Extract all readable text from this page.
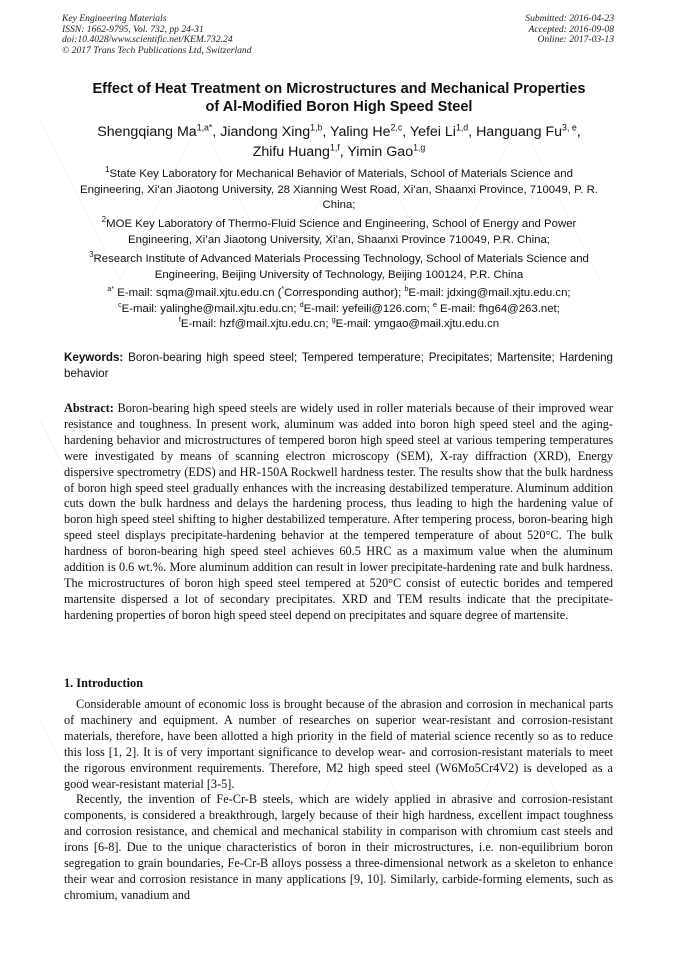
Key Engineering Materials
ISSN: 1662-9795, Vol. 732, pp 24-31
doi:10.4028/www.scientific.net/KEM.732.24
© 2017 Trans Tech Publications Ltd, Switzerland
Submitted: 2016-04-23
Accepted: 2016-09-08
Online: 2017-03-13
Effect of Heat Treatment on Microstructures and Mechanical Properties
of Al-Modified Boron High Speed Steel
Shengqiang $Ma^{1,a*}$, Jiandong Xing$^{1,b}$, Yaling He$^{2,c}$, Yefei Li$^{1,d}$, Hanguang Fu$^{3, e}$,
Zhifu Huang$^{1,f}$, Yimin Gao$^{1,g}$
$^1$State Key Laboratory for Mechanical Behavior of Materials, School of Materials Science and Engineering, Xi’an Jiaotong University, 28 Xianning West Road, Xi’an, Shaanxi Province, 710049, P. R. China;
$^2$MOE Key Laboratory of Thermo-Fluid Science and Engineering, School of Energy and Power Engineering, Xi’an Jiaotong University, Xi’an, Shaanxi Province 710049, P.R. China;
$^3$Research Institute of Advanced Materials Processing Technology, School of Materials Science and Engineering, Beijing University of Technology, Beijing 100124, P.R. China
$^{a*}$ E-mail: sqma@mail.xjtu.edu.cn (*Corresponding author); $^b$E-mail: jdxing@mail.xjtu.edu.cn;
$^c$E-mail: yalinghe@mail.xjtu.edu.cn; $^d$E-mail: yefeili@126.com; $^e$ E-mail: fhg64@263.net;
$^f$E-mail: hzf@mail.xjtu.edu.cn; $^g$E-mail: ymgao@mail.xjtu.edu.cn
Keywords: Boron-bearing high speed steel; Tempered temperature; Precipitates; Martensite; Hardening behavior
Abstract: Boron-bearing high speed steels are widely used in roller materials because of their improved wear resistance and toughness. In present work, aluminum was added into boron high speed steel and the aging-hardening behavior and microstructures of tempered boron high speed steel at various tempering temperatures were investigated by means of scanning electron microscopy (SEM), X-ray diffraction (XRD), Energy dispersive spectrometry (EDS) and HR-150A Rockwell hardness tester. The results show that the bulk hardness of boron high speed steel gradually enhances with the increasing destabilized temperature. Aluminum addition cuts down the bulk hardness and delays the hardening process, thus leading to high the hardening value of boron high speed steel shifting to higher destabilized temperature. After tempering process, boron-bearing high speed steel displays precipitate-hardening behavior at the tempered temperature of about 520°C. The bulk hardness of boron-bearing high speed steel achieves 60.5 HRC as a maximum value when the aluminum addition is 0.6 wt.%. More aluminum addition can result in lower precipitate-hardening rate and bulk hardness. The microstructures of boron high speed steel tempered at 520°C consist of eutectic borides and tempered martensite dispersed a lot of secondary precipitates. XRD and TEM results indicate that the precipitate-hardening properties of boron high speed steel depend on precipitates and square degree of martensite.
1. Introduction

Considerable amount of economic loss is brought because of the abrasion and corrosion in mechanical parts of machinery and equipment. A number of researches on superior wear-resistant and corrosion-resistant materials, therefore, have been allotted a high priority in the field of material science recently so as to reduce this loss [1, 2]. It is of very important significance to develop wear- and corrosion-resistant materials to meet the rigorous environment requirements. Therefore, M2 high speed steel (W6Mo5Cr4V2) is developed as a good wear-resistant material [3-5].

Recently, the invention of Fe-Cr-B steels, which are widely applied in abrasive and corrosion-resistant components, is considered a breakthrough, largely because of their high hardness, excellent impact toughness and corrosion resistance, and chemical and mechanical stability in comparison with chromium cast steels and irons [6-8]. Due to the unique characteristics of boron in their microstructures, i.e. non-equilibrium boron segregation to grain boundaries, Fe-Cr-B alloys possess a three-dimensional network as a skeleton to enhance their wear and corrosion resistance in many applications [9, 10]. Similarly, carbide-forming elements, such as chromium, vanadium and
